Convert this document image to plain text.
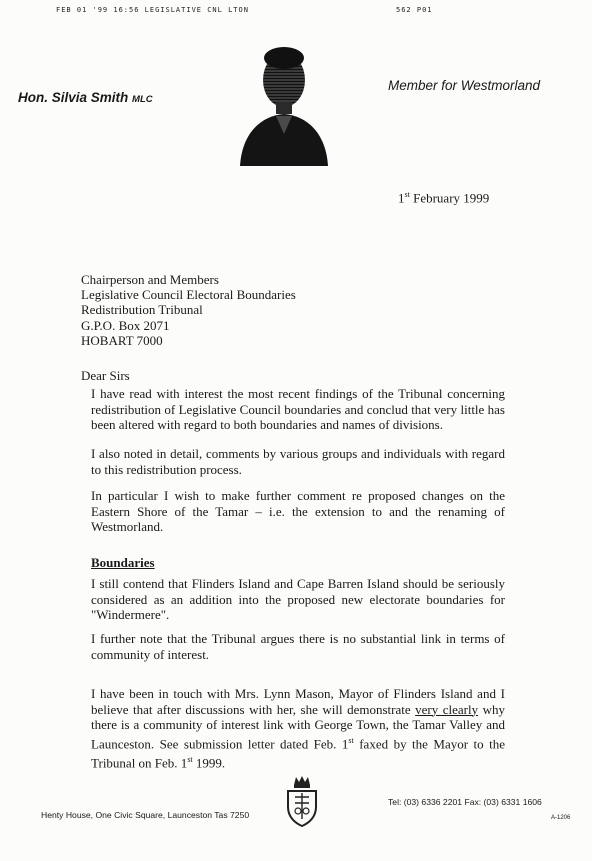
FEB 01 '99 16:56 LEGISLATIVE CNL LTON	562 P01
Hon. Silvia Smith MLC
Member for Westmorland
1st February 1999
Chairperson and Members
Legislative Council Electoral Boundaries
Redistribution Tribunal
G.P.O. Box 2071
HOBART 7000
Dear Sirs
I have read with interest the most recent findings of the Tribunal concerning redistribution of Legislative Council boundaries and conclud that very little has been altered with regard to both boundaries and names of divisions.
I also noted in detail, comments by various groups and individuals with regard to this redistribution process.
In particular I wish to make further comment re proposed changes on the Eastern Shore of the Tamar – i.e. the extension to and the renaming of Westmorland.
Boundaries
I still contend that Flinders Island and Cape Barren Island should be seriously considered as an addition into the proposed new electorate boundaries for "Windermere".
I further note that the Tribunal argues there is no substantial link in terms of community of interest.
I have been in touch with Mrs. Lynn Mason, Mayor of Flinders Island and I believe that after discussions with her, she will demonstrate very clearly why there is a community of interest link with George Town, the Tamar Valley and Launceston. See submission letter dated Feb. 1st faxed by the Mayor to the Tribunal on Feb. 1st 1999.
Henty House, One Civic Square, Launceston Tas 7250
Tel: (03) 6336 2201 Fax: (03) 6331 1606
A-1206
